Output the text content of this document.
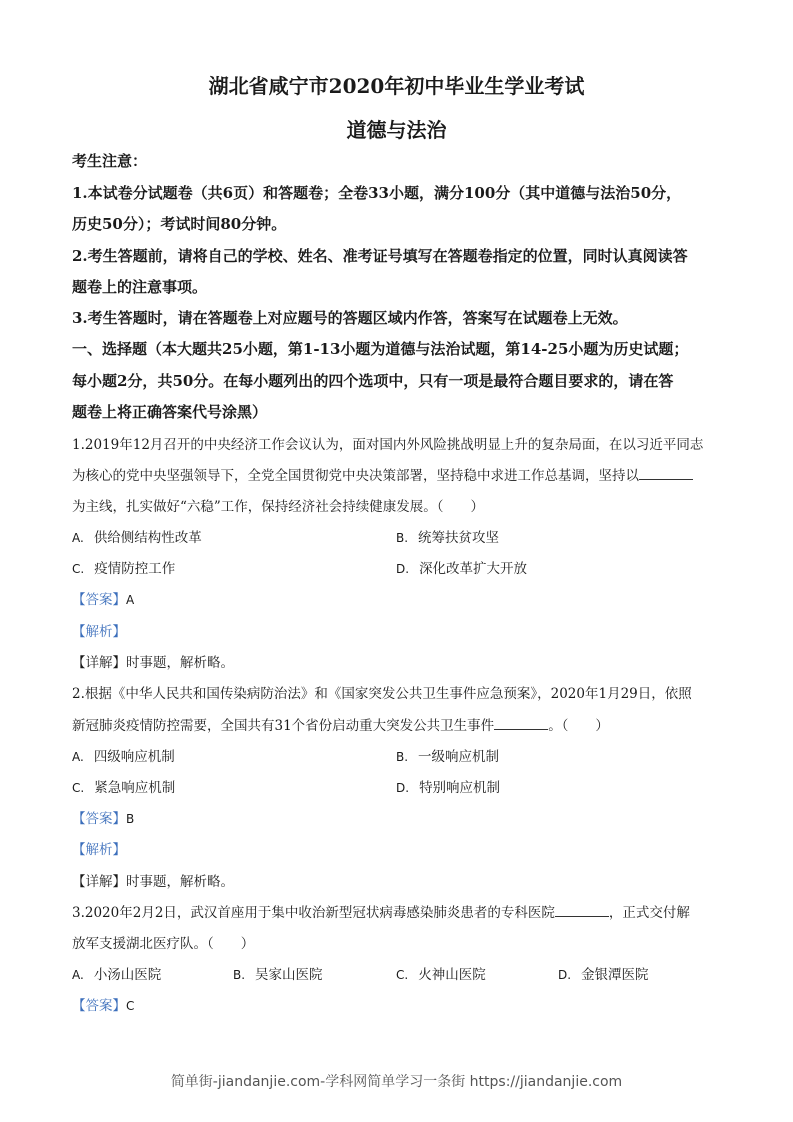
湖北省咸宁市2020年初中毕业生学业考试
道德与法治
考生注意：
1.本试卷分试题卷（共6页）和答题卷；全卷33小题，满分100分（其中道德与法治50分，
历史50分）；考试时间80分钟。
2.考生答题前，请将自己的学校、姓名、准考证号填写在答题卷指定的位置，同时认真阅读答
题卷上的注意事项。
3.考生答题时，请在答题卷上对应题号的答题区域内作答，答案写在试题卷上无效。
一、选择题（本大题共25小题，第1-13小题为道德与法治试题，第14-25小题为历史试题；
每小题2分，共50分。在每小题列出的四个选项中，只有一项是最符合题目要求的，请在答
题卷上将正确答案代号涂黑）
1.2019年12月召开的中央经济工作会议认为，面对国内外风险挑战明显上升的复杂局面，在以习近平同志
为核心的党中央坚强领导下，全党全国贯彻党中央决策部署，坚持稳中求进工作总基调，坚持以
为主线，扎实做好“六稳”工作，保持经济社会持续健康发展。（　　）
A. 供给侧结构性改革	B. 统筹扶贫攻坚
C. 疫情防控工作	D. 深化改革扩大开放
【答案】A
【解析】
【详解】时事题，解析略。
2.根据《中华人民共和国传染病防治法》和《国家突发公共卫生事件应急预案》，2020年1月29日，依照
新冠肺炎疫情防控需要，全国共有31个省份启动重大突发公共卫生事件	。（　　）
A. 四级响应机制	B. 一级响应机制
C. 紧急响应机制	D. 特别响应机制
【答案】B
【解析】
【详解】时事题，解析略。
3.2020年2月2日，武汉首座用于集中收治新型冠状病毒感染肺炎患者的专科医院	，正式交付解
放军支援湖北医疗队。（　　）
A. 小汤山医院	B. 吴家山医院	C. 火神山医院	D. 金银潭医院
【答案】C
简单街-jiandanjie.com-学科网简单学习一条街 https://jiandanjie.com
